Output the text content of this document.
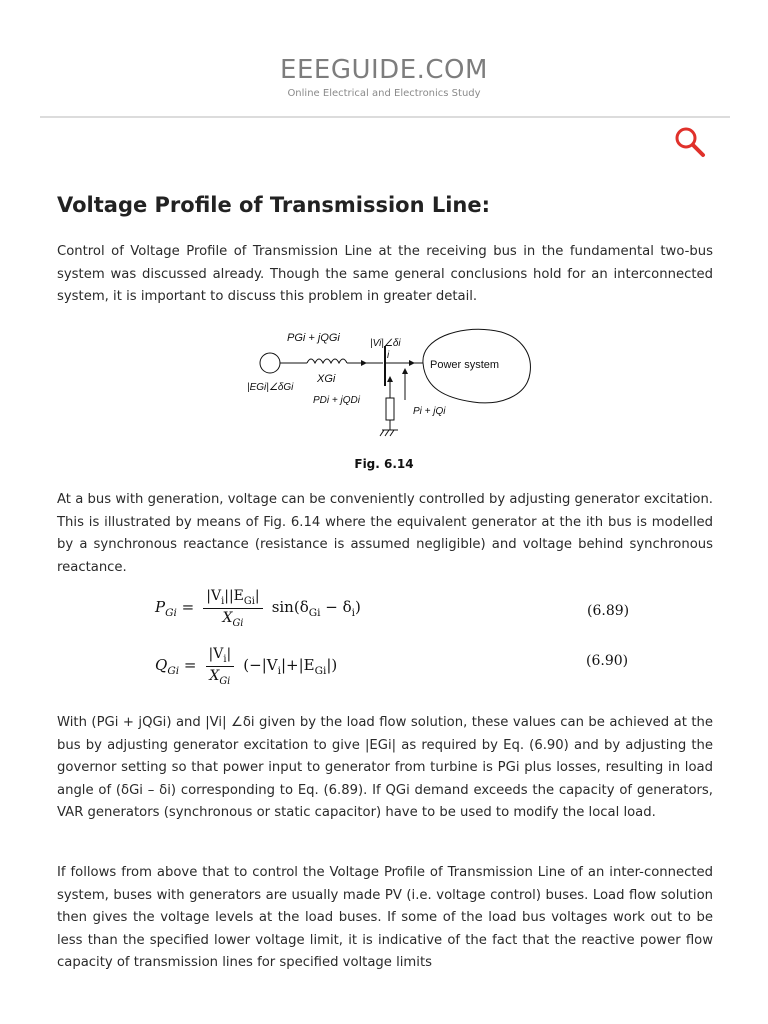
EEEGUIDE.COM
Online Electrical and Electronics Study
Voltage Profile of Transmission Line:

Control of Voltage Profile of Transmission Line at the receiving bus in the fundamental two-bus system was discussed already. Though the same general conclusions hold for an interconnected system, it is important to discuss this problem in greater detail.

PGi + jQGi	|Vi|∠δi
i
Power system
XGi
|EGi|∠δGi
PDi + jQDi
Pi + jQi
Fig. 6.14

At a bus with generation, voltage can be conveniently controlled by adjusting generator excitation. This is illustrated by means of Fig. 6.14 where the equivalent generator at the ith bus is modelled by a synchronous reactance (resistance is assumed negligible) and voltage behind synchronous reactance.

$P_{Gi} = \frac{|V_i||E_{Gi}|}{X_{Gi}} \sin(\delta_{Gi} - \delta_i)$	(6.89)
$Q_{Gi} = \frac{|V_i|}{X_{Gi}} (-|V_i|+|E_{Gi}|)$	(6.90)

With (PGi + jQGi) and |Vi| ∠δi given by the load flow solution, these values can be achieved at the bus by adjusting generator excitation to give |EGi| as required by Eq. (6.90) and by adjusting the governor setting so that power input to generator from turbine is PGi plus losses, resulting in load angle of (δGi – δi) corresponding to Eq. (6.89). If QGi demand exceeds the capacity of generators, VAR generators (synchronous or static capacitor) have to be used to modify the local load.

If follows from above that to control the Voltage Profile of Transmission Line of an inter-connected system, buses with generators are usually made PV (i.e. voltage control) buses. Load flow solution then gives the voltage levels at the load buses. If some of the load bus voltages work out to be less than the specified lower voltage limit, it is indicative of the fact that the reactive power flow capacity of transmission lines for specified voltage limits
